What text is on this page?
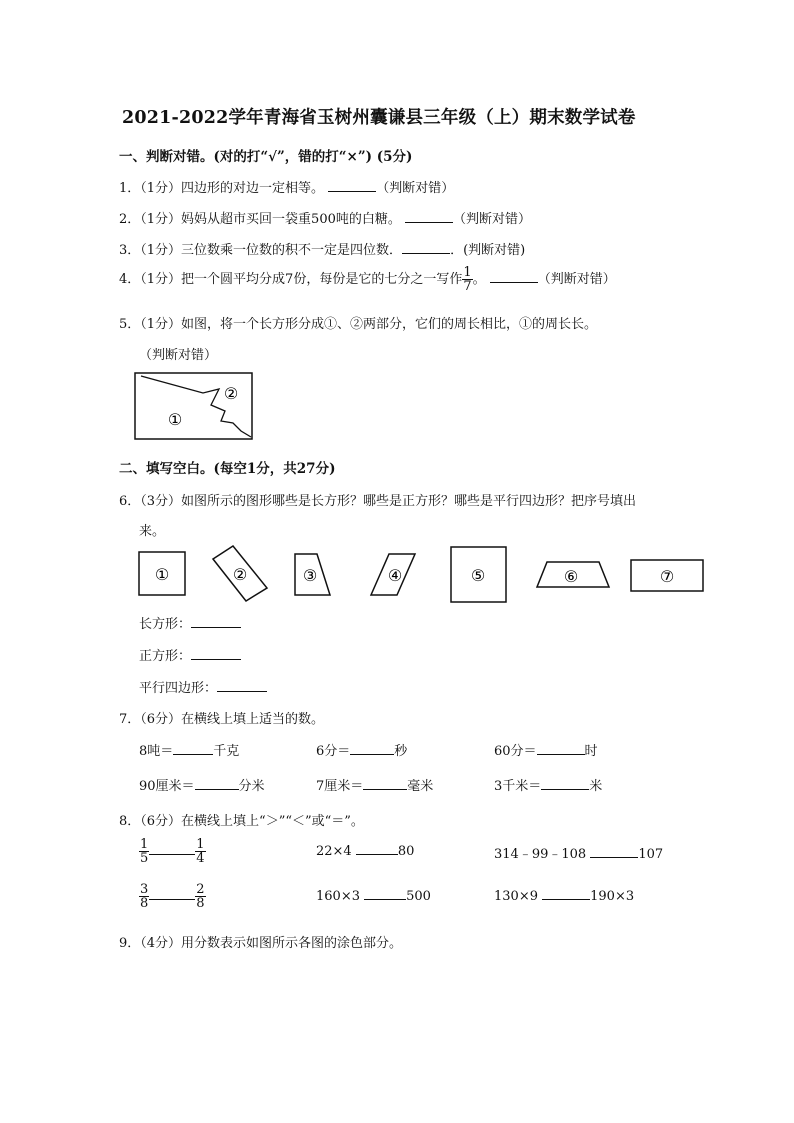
2021-2022学年青海省玉树州囊谦县三年级（上）期末数学试卷
一、判断对错。(对的打“√”，错的打“×”) (5分)
1．（1分）四边形的对边一定相等。	（判断对错）
2．（1分）妈妈从超市买回一袋重500吨的白糖。	（判断对错）
3．（1分）三位数乘一位数的积不一定是四位数．	．(判断对错)
4．（1分）把一个圆平均分成7份，每份是它的七分之一写作 $\frac{1}{7}$ 。	（判断对错）
5．（1分）如图，将一个长方形分成①、②两部分，它们的周长相比，①的周长长。
（判断对错）
①
②
二、填写空白。(每空1分，共27分)
6．（3分）如图所示的图形哪些是长方形？哪些是正方形？哪些是平行四边形？把序号填出
来。
①	②	③	④	⑤	⑥	⑦
长方形：
正方形：
平行四边形：
7．（6分）在横线上填上适当的数。
8吨＝	千克	6分＝	秒	60分＝	时
90厘米＝	分米	7厘米＝	毫米	3千米＝	米
8．（6分）在横线上填上“＞”“＜”或“＝”。
$\frac{1}{5}$	$\frac{1}{4}$	22×4	80	314﹣99﹣108	107
$\frac{3}{8}$	$\frac{2}{8}$	160×3	500	130×9	190×3
9．（4分）用分数表示如图所示各图的涂色部分。
